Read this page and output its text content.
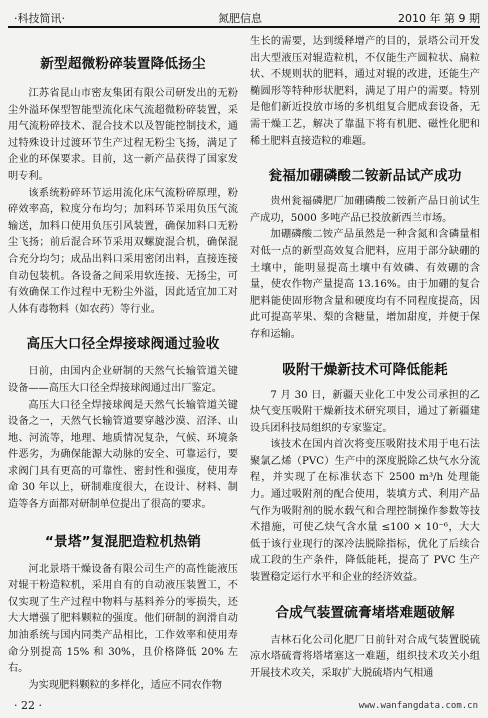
·科技简讯·	氮肥信息	2010 年 第 9 期
新型超微粉碎装置降低扬尘

江苏省昆山市密友集团有限公司研发出的无粉尘外溢环保型智能型流化床气流超微粉碎装置，采用气流粉碎技术、混合技术以及智能控制技术，通过特殊设计过渡环节生产过程无粉尘飞扬，满足了企业的环保要求。目前，这一新产品获得了国家发明专利。

该系统粉碎环节运用流化床气流粉碎原理，粉碎效率高，粒度分布均匀；加料环节采用负压气流输送，加料口使用负压引风装置，确保加料口无粉尘飞扬；前后混合环节采用双螺旋混合机，确保混合充分均匀；成品出料口采用密闭出料，直接连接自动包装机。各设备之间采用软连接、无扬尘，可有效确保工作过程中无粉尘外溢，因此适宜加工对人体有毒物料（如农药）等行业。

高压大口径全焊接球阀通过验收

日前，由国内企业研制的天然气长输管道关键设备——高压大口径全焊接球阀通过出厂鉴定。

高压大口径全焊接球阀是天然气长输管道关键设备之一，天然气长输管道要穿越沙漠、沼泽、山地、河流等，地理、地质情况复杂，气候、环境条件恶劣，为确保能源大动脉的安全、可靠运行，要求阀门具有更高的可靠性、密封性和强度，使用寿命 30 年以上，研制难度很大，在设计、材料、制造等各方面都对研制单位提出了很高的要求。

“景塔”复混肥造粒机热销

河北景塔干燥设备有限公司生产的高性能液压对辊干粉造粒机，采用自有的自动液压装置工，不仅实现了生产过程中物料与基料养分的零损失，还大大增强了肥料颗粒的强度。他们研制的润滑自动加油系统与国内同类产品相比，工作效率和使用寿命分别提高 15% 和 30%，且价格降低 20% 左右。

为实现肥料颗粒的多样化，适应不同农作物

生长的需要，达到缓释增产的目的，景塔公司开发出大型液压对辊造粒机，不仅能生产圆粒状、扁粒状、不规则状的肥料，通过对辊的改进，还能生产椭圆形等特种形状肥料，满足了用户的需要。特别是他们新近投放市场的多机组复合肥成套设备，无需干燥工艺，解决了靠温下将有机肥、磁性化肥和稀土肥料直接造粒的难题。

瓮福加硼磷酸二铵新品试产成功

贵州瓮福磷肥厂加硼磷酸二铵新产品日前试生产成功，5000 多吨产品已投放新西兰市场。

加硼磷酸二铵产品虽然是一种含氮和含磷量相对低一点的新型高效复合肥料，应用于部分缺硼的土壤中，能明显提高土壤中有效磷、有效硼的含量，使农作物产量提高 13.16%。由于加硼的复合肥料能使固形物含量和硬度均有不同程度提高，因此可提高苹果、梨的含糖量，增加甜度，并便于保存和运输。

吸附干燥新技术可降低能耗

7 月 30 日，新疆天业化工中发公司承担的乙炔气变压吸附干燥新技术研究项目，通过了新疆建设兵团科技局组织的专家鉴定。

该技术在国内首次将变压吸附技术用于电石法聚氯乙烯（PVC）生产中的深度脱除乙炔气水分流程，并实现了在标准状态下 2500 m³/h 处理能力。通过吸附剂的配合使用，装填方式、利用产品气作为吸附剂的脱水载气和合理控制操作参数等技术措施，可使乙炔气含水量 ≤100 × 10⁻⁶，大大低于该行业现行的深冷法脱除指标，优化了后续合成工段的生产条件，降低能耗，提高了 PVC 生产装置稳定运行水平和企业的经济效益。

合成气装置硫膏堵塔难题破解

吉林石化公司化肥厂日前针对合成气装置脱硫凉水塔硫膏将塔堵塞这一难题，组织技术攻关小组开展技术攻关，采取扩大脱硫塔内气相通

· 22 ·	www.wanfangdata.com.cn
